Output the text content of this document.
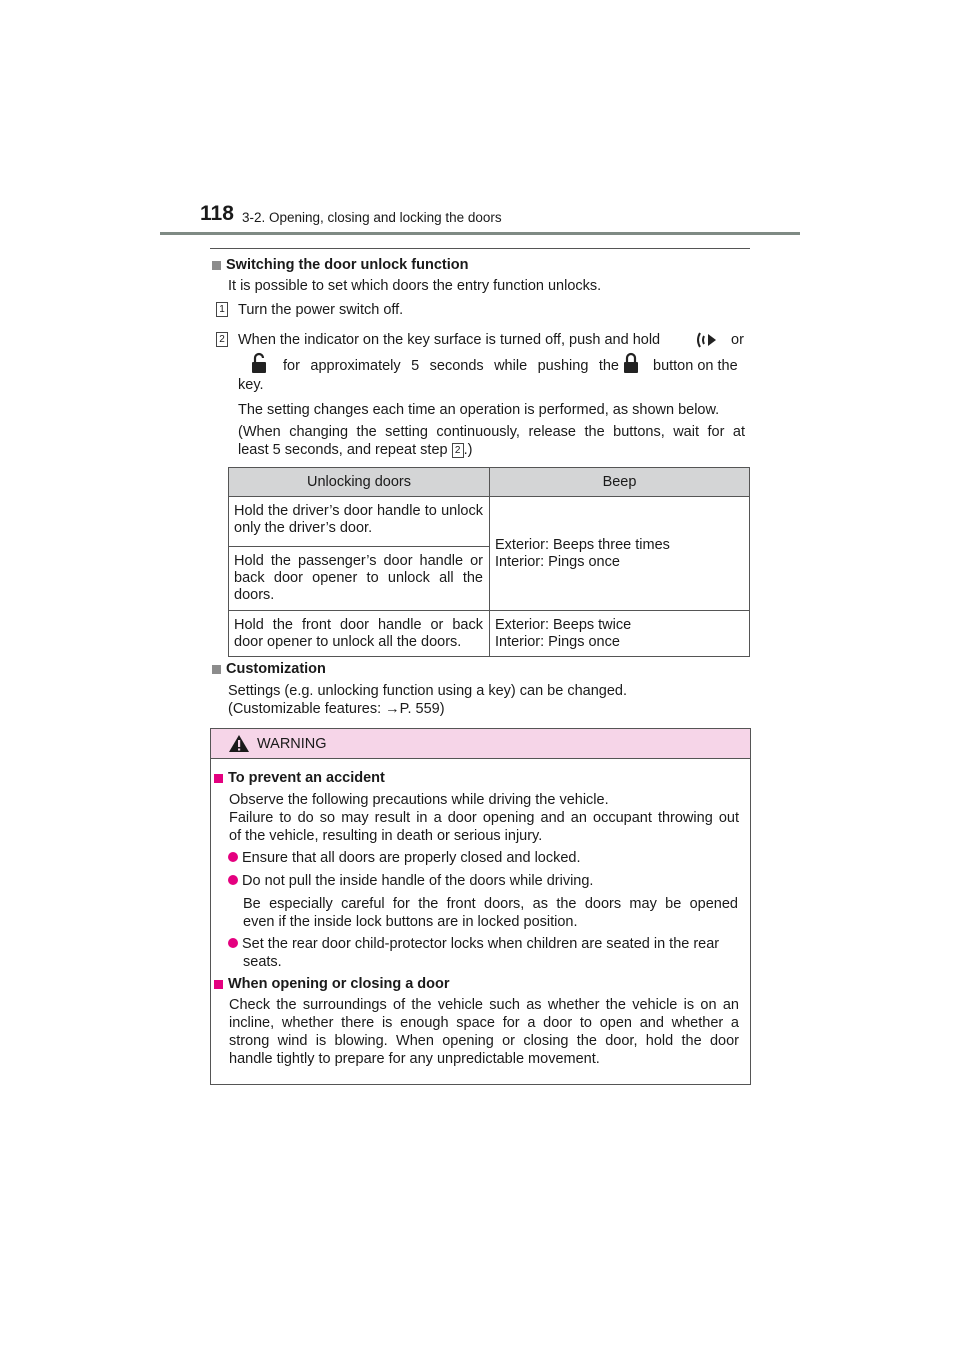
118 3-2. Opening, closing and locking the doors
Switching the door unlock function
It is possible to set which doors the entry function unlocks.
1 Turn the power switch off.
2 When the indicator on the key surface is turned off, push and hold	or
for approximately 5 seconds while pushing the button on the
key.
The setting changes each time an operation is performed, as shown below.
(When changing the setting continuously, release the buttons, wait for at
least 5 seconds, and repeat step 2 .)
Unlocking doors	Beep
Hold the driver’s door handle to unlock only the driver’s door.	Exterior: Beeps three times
Interior: Pings once

Hold the passenger’s door handle or back door opener to unlock all the doors.	
Hold the front door handle or back door opener to unlock all the doors.	Exterior: Beeps twice
Interior: Pings once
Customization
Settings (e.g. unlocking function using a key) can be changed.
(Customizable features: →P. 559)
WARNING
To prevent an accident
Observe the following precautions while driving the vehicle.
Failure to do so may result in a door opening and an occupant throwing out
of the vehicle, resulting in death or serious injury.
Ensure that all doors are properly closed and locked.
Do not pull the inside handle of the doors while driving.
Be especially careful for the front doors, as the doors may be opened
even if the inside lock buttons are in locked position.
Set the rear door child-protector locks when children are seated in the rear
seats.
When opening or closing a door
Check the surroundings of the vehicle such as whether the vehicle is on an
incline, whether there is enough space for a door to open and whether a
strong wind is blowing. When opening or closing the door, hold the door
handle tightly to prepare for any unpredictable movement.
